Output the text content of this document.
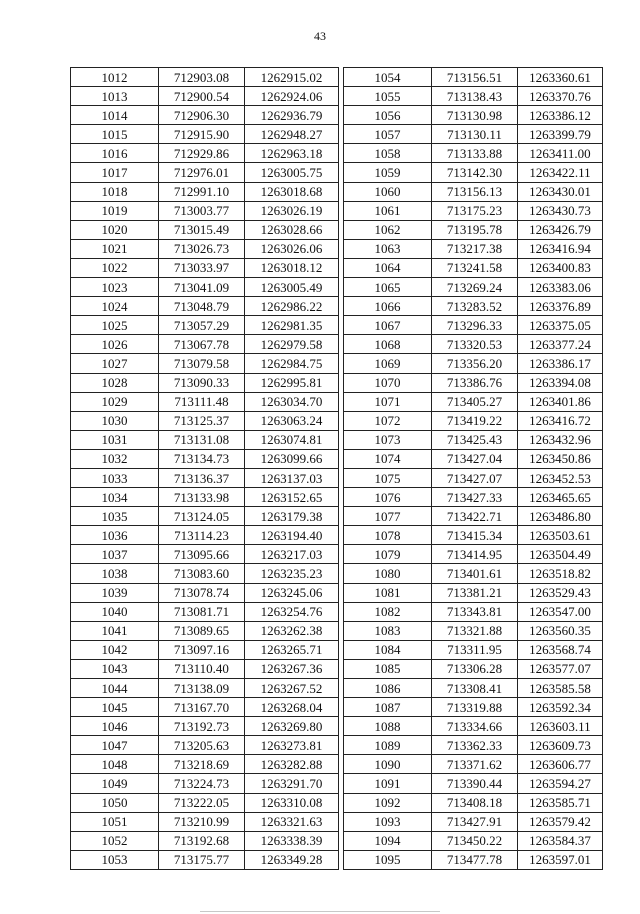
43
1012	712903.08	1262915.02
1013	712900.54	1262924.06
1014	712906.30	1262936.79
1015	712915.90	1262948.27
1016	712929.86	1262963.18
1017	712976.01	1263005.75
1018	712991.10	1263018.68
1019	713003.77	1263026.19
1020	713015.49	1263028.66
1021	713026.73	1263026.06
1022	713033.97	1263018.12
1023	713041.09	1263005.49
1024	713048.79	1262986.22
1025	713057.29	1262981.35
1026	713067.78	1262979.58
1027	713079.58	1262984.75
1028	713090.33	1262995.81
1029	713111.48	1263034.70
1030	713125.37	1263063.24
1031	713131.08	1263074.81
1032	713134.73	1263099.66
1033	713136.37	1263137.03
1034	713133.98	1263152.65
1035	713124.05	1263179.38
1036	713114.23	1263194.40
1037	713095.66	1263217.03
1038	713083.60	1263235.23
1039	713078.74	1263245.06
1040	713081.71	1263254.76
1041	713089.65	1263262.38
1042	713097.16	1263265.71
1043	713110.40	1263267.36
1044	713138.09	1263267.52
1045	713167.70	1263268.04
1046	713192.73	1263269.80
1047	713205.63	1263273.81
1048	713218.69	1263282.88
1049	713224.73	1263291.70
1050	713222.05	1263310.08
1051	713210.99	1263321.63
1052	713192.68	1263338.39
1053	713175.77	1263349.28
1054	713156.51	1263360.61
1055	713138.43	1263370.76
1056	713130.98	1263386.12
1057	713130.11	1263399.79
1058	713133.88	1263411.00
1059	713142.30	1263422.11
1060	713156.13	1263430.01
1061	713175.23	1263430.73
1062	713195.78	1263426.79
1063	713217.38	1263416.94
1064	713241.58	1263400.83
1065	713269.24	1263383.06
1066	713283.52	1263376.89
1067	713296.33	1263375.05
1068	713320.53	1263377.24
1069	713356.20	1263386.17
1070	713386.76	1263394.08
1071	713405.27	1263401.86
1072	713419.22	1263416.72
1073	713425.43	1263432.96
1074	713427.04	1263450.86
1075	713427.07	1263452.53
1076	713427.33	1263465.65
1077	713422.71	1263486.80
1078	713415.34	1263503.61
1079	713414.95	1263504.49
1080	713401.61	1263518.82
1081	713381.21	1263529.43
1082	713343.81	1263547.00
1083	713321.88	1263560.35
1084	713311.95	1263568.74
1085	713306.28	1263577.07
1086	713308.41	1263585.58
1087	713319.88	1263592.34
1088	713334.66	1263603.11
1089	713362.33	1263609.73
1090	713371.62	1263606.77
1091	713390.44	1263594.27
1092	713408.18	1263585.71
1093	713427.91	1263579.42
1094	713450.22	1263584.37
1095	713477.78	1263597.01
